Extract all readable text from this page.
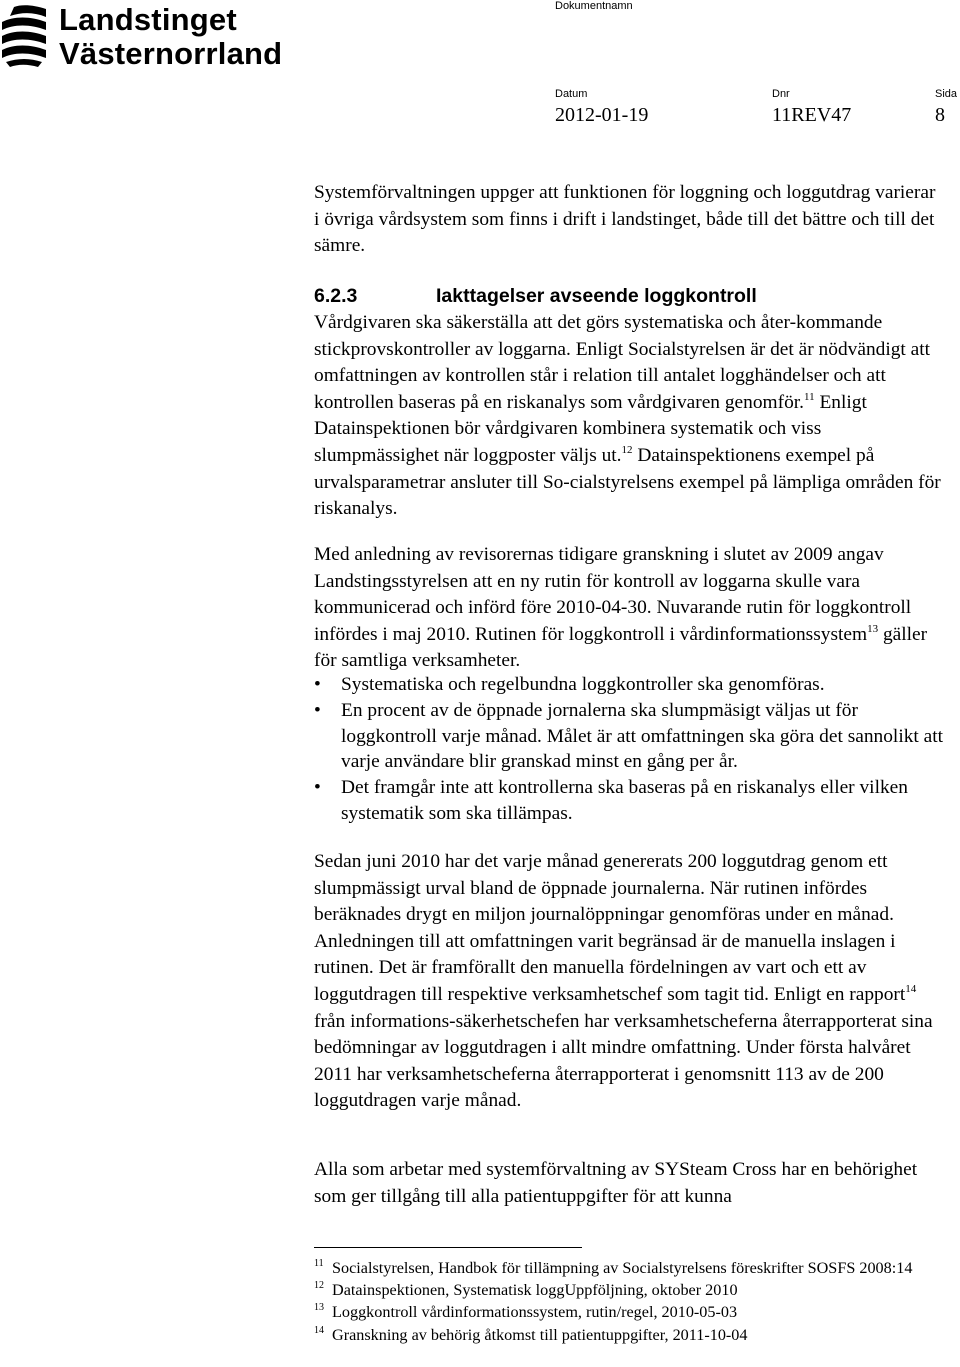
Landstinget
Västernorrland
Dokumentnamn
Datum
2012-01-19
Dnr
11REV47
Sida
8

Systemförvaltningen uppger att funktionen för loggning och loggutdrag varierar i övriga vårdsystem som finns i drift i landstinget, både till det bättre och till det sämre.

6.2.3	Iakttagelser avseende loggkontroll

Vårdgivaren ska säkerställa att det görs systematiska och åter-kommande stickprovskontroller av loggarna. Enligt Socialstyrelsen är det är nödvändigt att omfattningen av kontrollen står i relation till antalet logghändelser och att kontrollen baseras på en riskanalys som vårdgivaren genomför.$^{11}$ Enligt Datainspektionen bör vårdgivaren kombinera systematik och viss slumpmässighet när loggposter väljs ut.$^{12}$ Datainspektionens exempel på urvalsparametrar ansluter till So-cialstyrelsens exempel på lämpliga områden för riskanalys.

Med anledning av revisorernas tidigare granskning i slutet av 2009 angav Landstingsstyrelsen att en ny rutin för kontroll av loggarna skulle vara kommunicerad och införd före 2010-04-30. Nuvarande rutin för loggkontroll infördes i maj 2010. Rutinen för loggkontroll i vårdinformationssystem$^{13}$ gäller för samtliga verksamheter.

• Systematiska och regelbundna loggkontroller ska genomföras.
• En procent av de öppnade jornalerna ska slumpmäsigt väljas ut för loggkontroll varje månad. Målet är att omfattningen ska göra det sannolikt att varje användare blir granskad minst en gång per år.
• Det framgår inte att kontrollerna ska baseras på en riskanalys eller vilken systematik som ska tillämpas.

Sedan juni 2010 har det varje månad genererats 200 loggutdrag genom ett slumpmässigt urval bland de öppnade journalerna. När rutinen infördes beräknades drygt en miljon journalöppningar genomföras under en månad. Anledningen till att omfattningen varit begränsad är de manuella inslagen i rutinen. Det är framförallt den manuella fördelningen av vart och ett av loggutdragen till respektive verksamhetschef som tagit tid. Enligt en rapport$^{14}$ från informations-säkerhetschefen har verksamhetscheferna återrapporterat sina bedömningar av loggutdragen i allt mindre omfattning. Under första halvåret 2011 har verksamhetscheferna återrapporterat i genomsnitt 113 av de 200 loggutdragen varje månad.

Alla som arbetar med systemförvaltning av SYSteam Cross har en behörighet som ger tillgång till alla patientuppgifter för att kunna

11 Socialstyrelsen, Handbok för tillämpning av Socialstyrelsens föreskrifter SOSFS 2008:14
12 Datainspektionen, Systematisk loggUppföljning, oktober 2010
13 Loggkontroll vårdinformationssystem, rutin/regel, 2010-05-03
14 Granskning av behörig åtkomst till patientuppgifter, 2011-10-04
